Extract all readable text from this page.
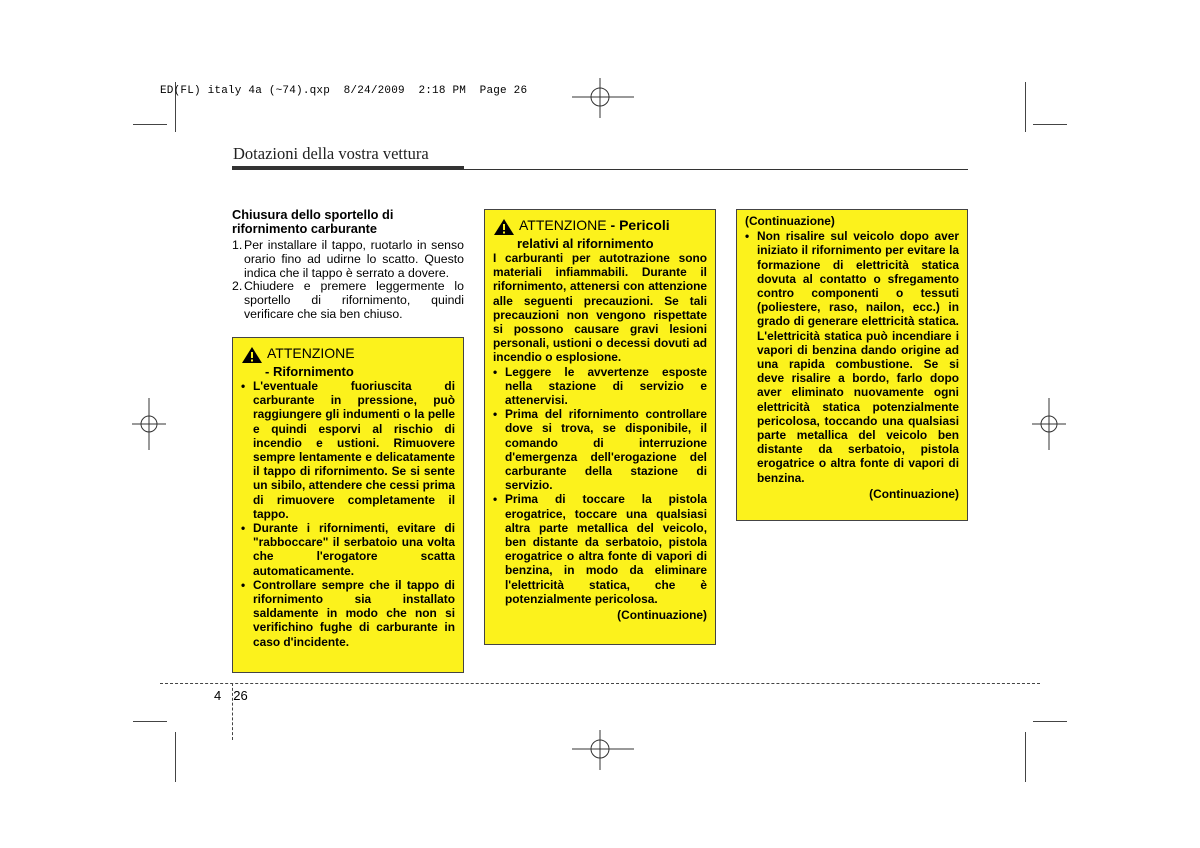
ED(FL) italy 4a (~74).qxp  8/24/2009  2:18 PM  Page 26
Dotazioni della vostra vettura
Chiusura dello sportello di rifornimento carburante
1. Per installare il tappo, ruotarlo in senso orario fino ad udirne lo scatto. Questo indica che il tappo è serrato a dovere.
2. Chiudere e premere leggermente lo sportello di rifornimento, quindi verificare che sia ben chiuso.
ATTENZIONE
- Rifornimento
• L'eventuale fuoriuscita di carburante in pressione, può raggiungere gli indumenti o la pelle e quindi esporvi al rischio di incendio e ustioni. Rimuovere sempre lentamente e delicatamente il tappo di rifornimento. Se si sente un sibilo, attendere che cessi prima di rimuovere completamente il tappo.
• Durante i rifornimenti, evitare di "rabboccare" il serbatoio una volta che l'erogatore scatta automaticamente.
• Controllare sempre che il tappo di rifornimento sia installato saldamente in modo che non si verifichino fughe di carburante in caso d'incidente.
ATTENZIONE - Pericoli
relativi al rifornimento
I carburanti per autotrazione sono materiali infiammabili. Durante il rifornimento, attenersi con attenzione alle seguenti precauzioni. Se tali precauzioni non vengono rispettate si possono causare gravi lesioni personali, ustioni o decessi dovuti ad incendio o esplosione.
• Leggere le avvertenze esposte nella stazione di servizio e attenervisi.
• Prima del rifornimento controllare dove si trova, se disponibile, il comando di interruzione d'emergenza dell'erogazione del carburante della stazione di servizio.
• Prima di toccare la pistola erogatrice, toccare una qualsiasi altra parte metallica del veicolo, ben distante da serbatoio, pistola erogatrice o altra fonte di vapori di benzina, in modo da eliminare l'elettricità statica, che è potenzialmente pericolosa.
(Continuazione)
(Continuazione)
• Non risalire sul veicolo dopo aver iniziato il rifornimento per evitare la formazione di elettricità statica dovuta al contatto o sfregamento contro componenti o tessuti (poliestere, raso, nailon, ecc.) in grado di generare elettricità statica. L'elettricità statica può incendiare i vapori di benzina dando origine ad una rapida combustione. Se si deve risalire a bordo, farlo dopo aver eliminato nuovamente ogni elettricità statica potenzialmente pericolosa, toccando una qualsiasi parte metallica del veicolo ben distante da serbatoio, pistola erogatrice o altra fonte di vapori di benzina.
(Continuazione)
4 26
